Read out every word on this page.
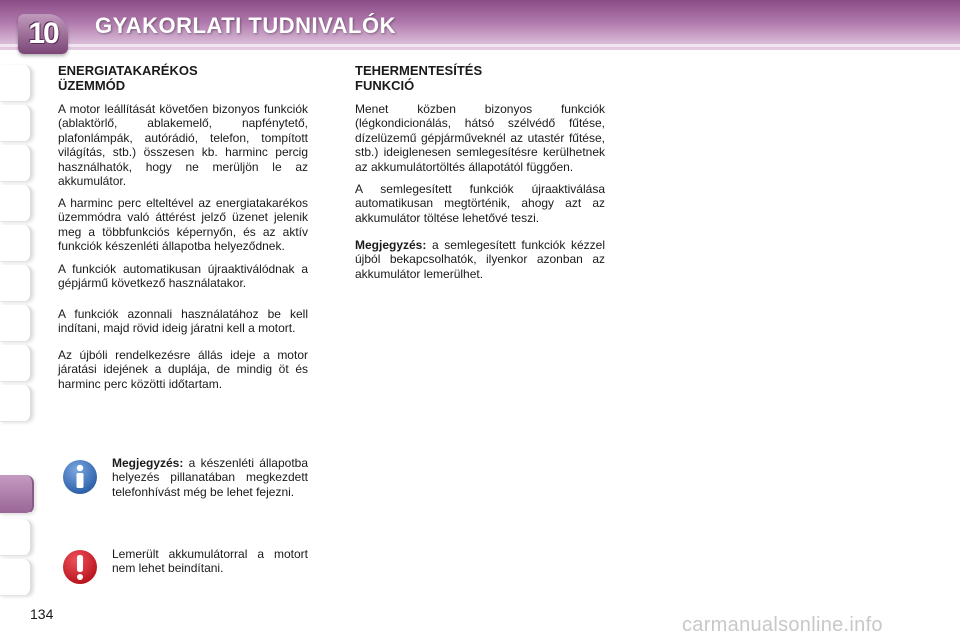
10	GYAKORLATI TUDNIVALÓK
ENERGIATAKARÉKOS
ÜZEMMÓD

A motor leállítását követően bizonyos funkciók (ablaktörlő, ablakemelő, napfénytető, plafonlámpák, autórádió, telefon, tompított világítás, stb.) összesen kb. harminc percig használhatók, hogy ne merüljön le az akkumulátor.

A harminc perc elteltével az energiatakarékos üzemmódra való áttérést jelző üzenet jelenik meg a többfunkciós képernyőn, és az aktív funkciók készenléti állapotba helyeződnek.

A funkciók automatikusan újraaktiválódnak a gépjármű következő használatakor.

A funkciók azonnali használatához be kell indítani, majd rövid ideig járatni kell a motort.

Az újbóli rendelkezésre állás ideje a motor járatási idejének a duplája, de mindig öt és harminc perc közötti időtartam.

Megjegyzés: a készenléti állapotba helyezés pillanatában megkezdett telefonhívást még be lehet fejezni.

Lemerült akkumulátorral a motort nem lehet beindítani.

TEHERMENTESÍTÉS
FUNKCIÓ

Menet közben bizonyos funkciók (légkondicionálás, hátsó szélvédő fűtése, dízelüzemű gépjárműveknél az utastér fűtése, stb.) ideiglenesen semlegesítésre kerülhetnek az akkumulátortöltés állapotától függően.

A semlegesített funkciók újraaktiválása automatikusan megtörténik, ahogy azt az akkumulátor töltése lehetővé teszi.

Megjegyzés: a semlegesített funkciók kézzel újból bekapcsolhatók, ilyenkor azonban az akkumulátor lemerülhet.

134	carmanualsonline.info
